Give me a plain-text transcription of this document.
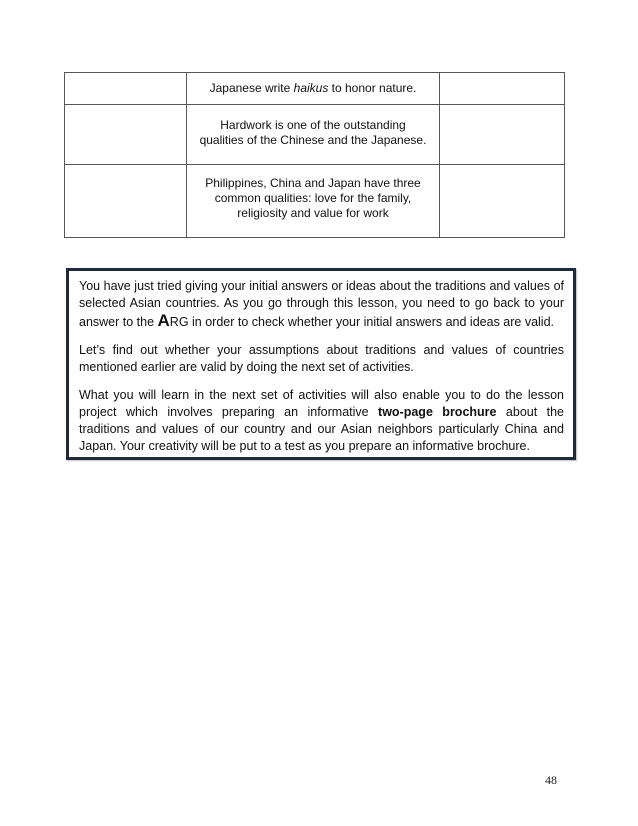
	Japanese write haikus to honor nature.	
	Hardwork is one of the outstanding
qualities of the Chinese and the Japanese.	
	Philippines, China and Japan have three
common qualities: love for the family,
religiosity and value for work	

You have just tried giving your initial answers or ideas about the traditions and values of selected Asian countries. As you go through this lesson, you need to go back to your answer to the ARG in order to check whether your initial answers and ideas are valid.

Let’s find out whether your assumptions about traditions and values of countries mentioned earlier are valid by doing the next set of activities.

What you will learn in the next set of activities will also enable you to do the lesson project which involves preparing an informative two-page brochure about the traditions and values of our country and our Asian neighbors particularly China and Japan. Your creativity will be put to a test as you prepare an informative brochure.

48
